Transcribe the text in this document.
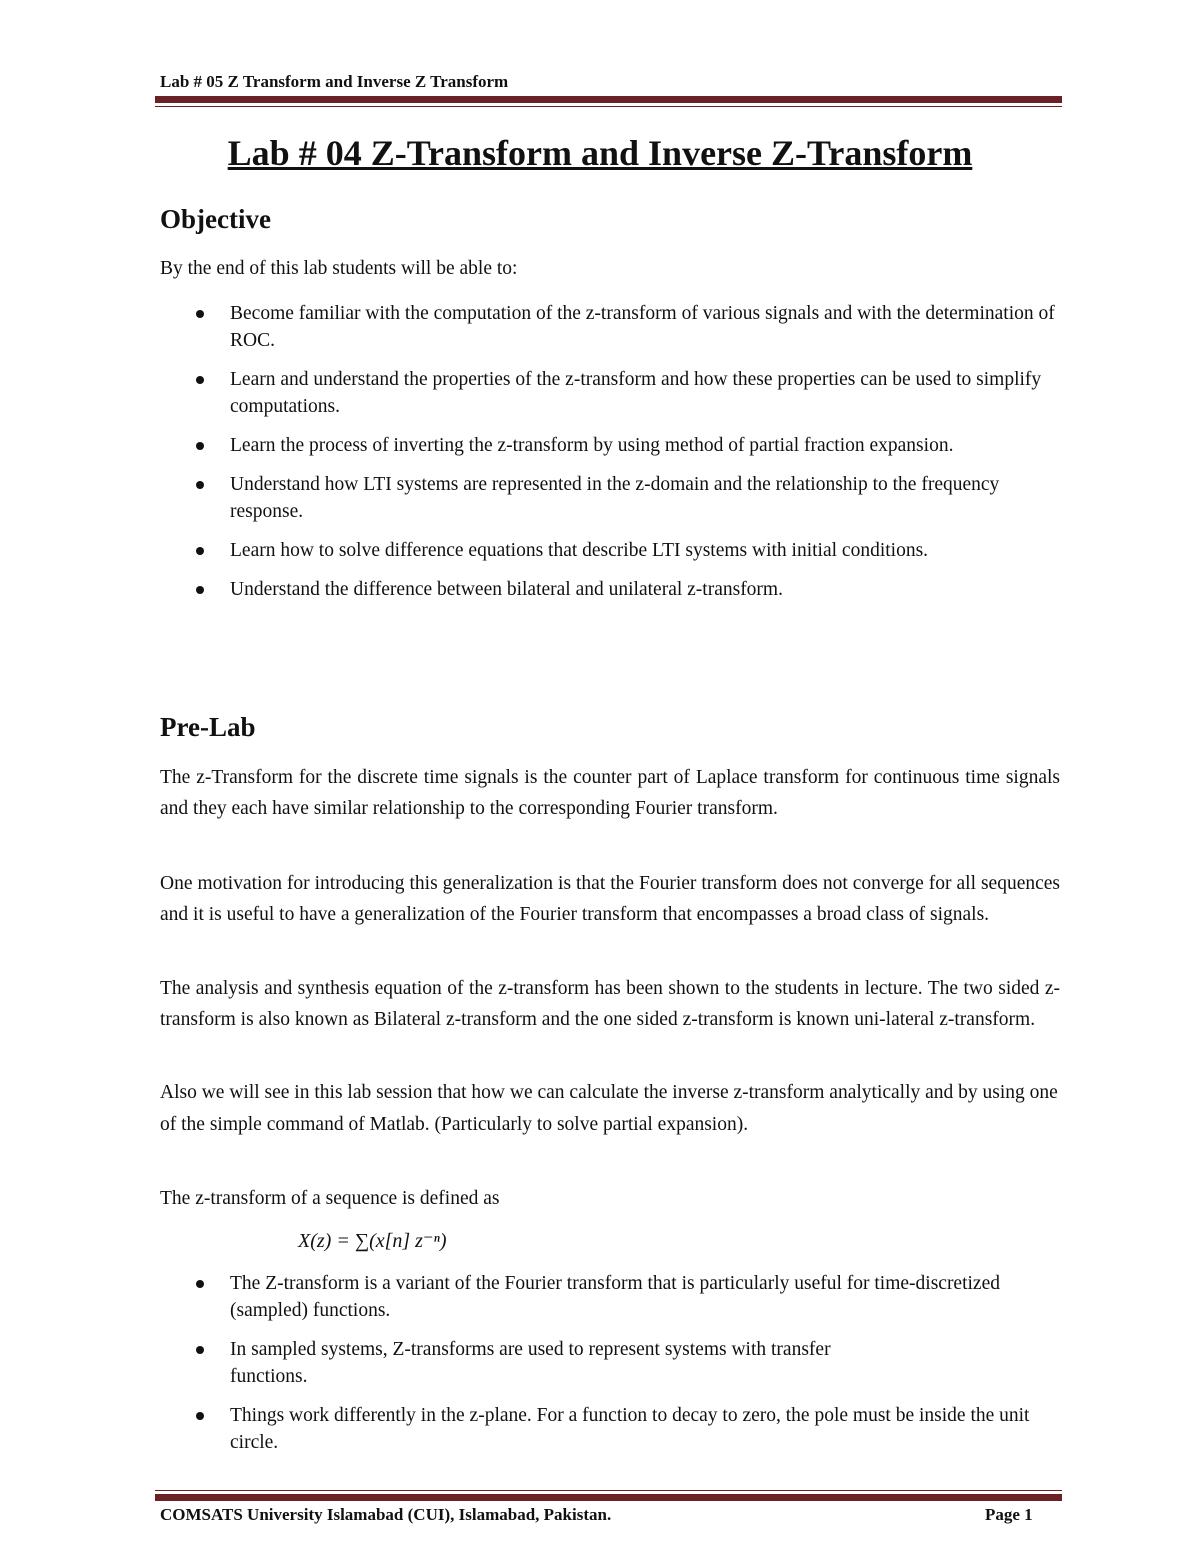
Lab # 05 Z Transform and Inverse Z Transform
Lab # 04 Z-Transform and Inverse Z-Transform
Objective
By the end of this lab students will be able to:
Become familiar with the computation of the z-transform of various signals and with the determination of ROC.
Learn and understand the properties of the z-transform and how these properties can be used to simplify computations.
Learn the process of inverting the z-transform by using method of partial fraction expansion.
Understand how LTI systems are represented in the z-domain and the relationship to the frequency response.
Learn how to solve difference equations that describe LTI systems with initial conditions.
Understand the difference between bilateral and unilateral z-transform.
Pre-Lab

The z-Transform for the discrete time signals is the counter part of Laplace transform for continuous time signals and they each have similar relationship to the corresponding Fourier transform.

One motivation for introducing this generalization is that the Fourier transform does not converge for all sequences and it is useful to have a generalization of the Fourier transform that encompasses a broad class of signals.

The analysis and synthesis equation of the z-transform has been shown to the students in lecture. The two sided z-transform is also known as Bilateral z-transform and the one sided z-transform is known uni-lateral z-transform.

Also we will see in this lab session that how we can calculate the inverse z-transform analytically and by using one of the simple command of Matlab. (Particularly to solve partial expansion).

The z-transform of a sequence is defined as

X(z) = ∑(x[n] z⁻ⁿ)
The Z-transform is a variant of the Fourier transform that is particularly useful for time-discretized (sampled) functions.
In sampled systems, Z-transforms are used to represent systems with transfer functions.
Things work differently in the z-plane. For a function to decay to zero, the pole must be inside the unit circle.
COMSATS University Islamabad (CUI), Islamabad, Pakistan.	Page 1
